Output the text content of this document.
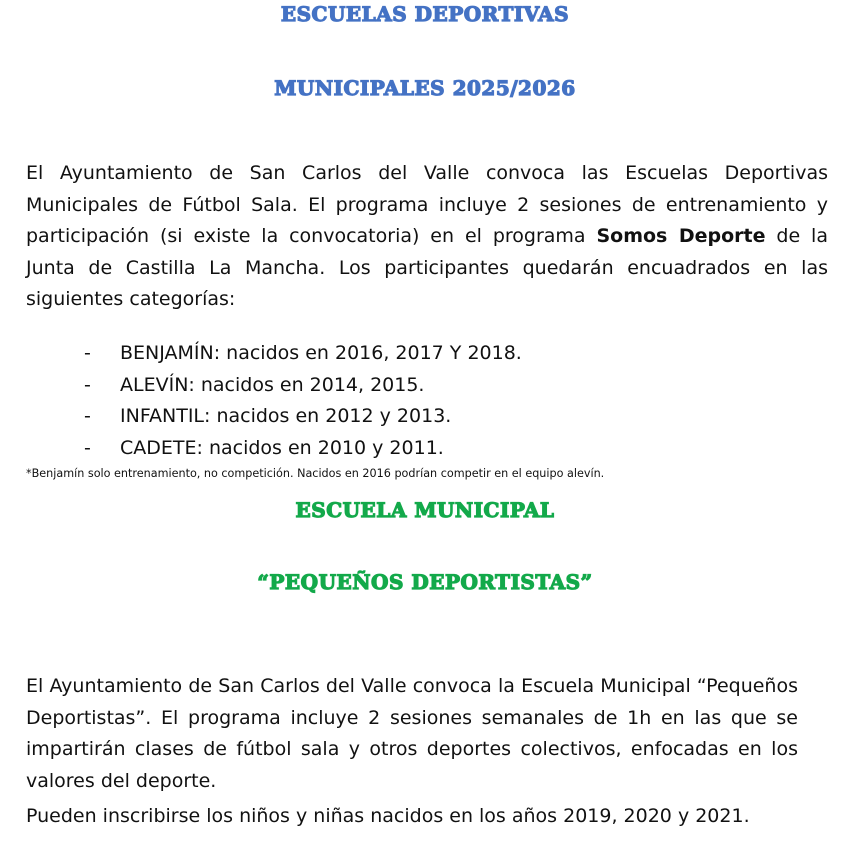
ESCUELAS DEPORTIVAS
MUNICIPALES 2025/2026

El Ayuntamiento de San Carlos del Valle convoca las Escuelas Deportivas Municipales de Fútbol Sala. El programa incluye 2 sesiones de entrenamiento y participación (si existe la convocatoria) en el programa Somos Deporte de la Junta de Castilla La Mancha. Los participantes quedarán encuadrados en las siguientes categorías:

-	BENJAMÍN: nacidos en 2016, 2017 Y 2018.
-	ALEVÍN: nacidos en 2014, 2015.
-	INFANTIL: nacidos en 2012 y 2013.
-	CADETE: nacidos en 2010 y 2011.
*Benjamín solo entrenamiento, no competición. Nacidos en 2016 podrían competir en el equipo alevín.
ESCUELA MUNICIPAL
“PEQUEÑOS DEPORTISTAS”

El Ayuntamiento de San Carlos del Valle convoca la Escuela Municipal “Pequeños Deportistas”. El programa incluye 2 sesiones semanales de 1h en las que se impartirán clases de fútbol sala y otros deportes colectivos, enfocadas en los valores del deporte.

Pueden inscribirse los niños y niñas nacidos en los años 2019, 2020 y 2021.
